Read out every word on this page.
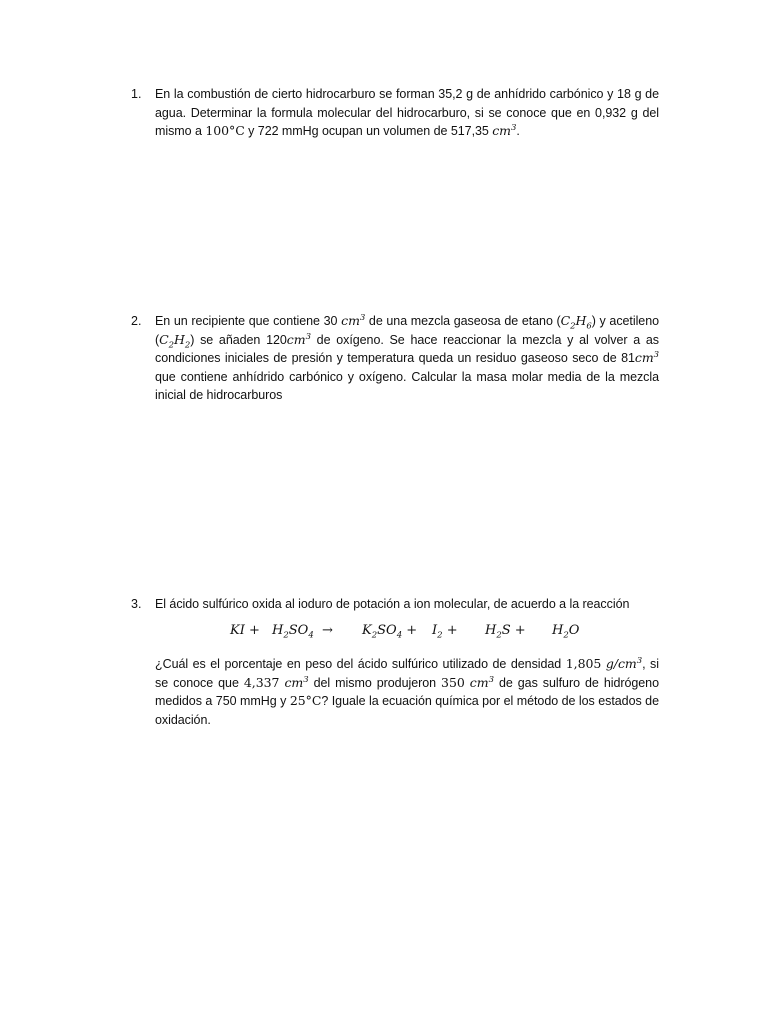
1. En la combustión de cierto hidrocarburo se forman 35,2 g de anhídrido carbónico y 18 g de agua. Determinar la formula molecular del hidrocarburo, si se conoce que en 0,932 g del mismo a 100°C y 722 mmHg ocupan un volumen de 517,35 $cm^3$.

2. En un recipiente que contiene 30 $cm^3$ de una mezcla gaseosa de etano $(C_2H_6)$ y acetileno $(C_2H_2)$ se añaden $120cm^3$ de oxígeno. Se hace reaccionar la mezcla y al volver a as condiciones iniciales de presión y temperatura queda un residuo gaseoso seco de $81cm^3$ que contiene anhídrido carbónico y oxígeno. Calcular la masa molar media de la mezcla inicial de hidrocarburos

3. El ácido sulfúrico oxida al ioduro de potación a ion molecular, de acuerdo a la reacción

KI + $H_2SO_4 \to K_2SO_4 + I_2 + H_2S + H_2O$

¿Cuál es el porcentaje en peso del ácido sulfúrico utilizado de densidad 1,805 $g/cm^3$, si se conoce que 4,337 $cm^3$ del mismo produjeron 350 $cm^3$ de gas sulfuro de hidrógeno medidos a 750 mmHg y 25°C? Iguale la ecuación química por el método de los estados de oxidación.
